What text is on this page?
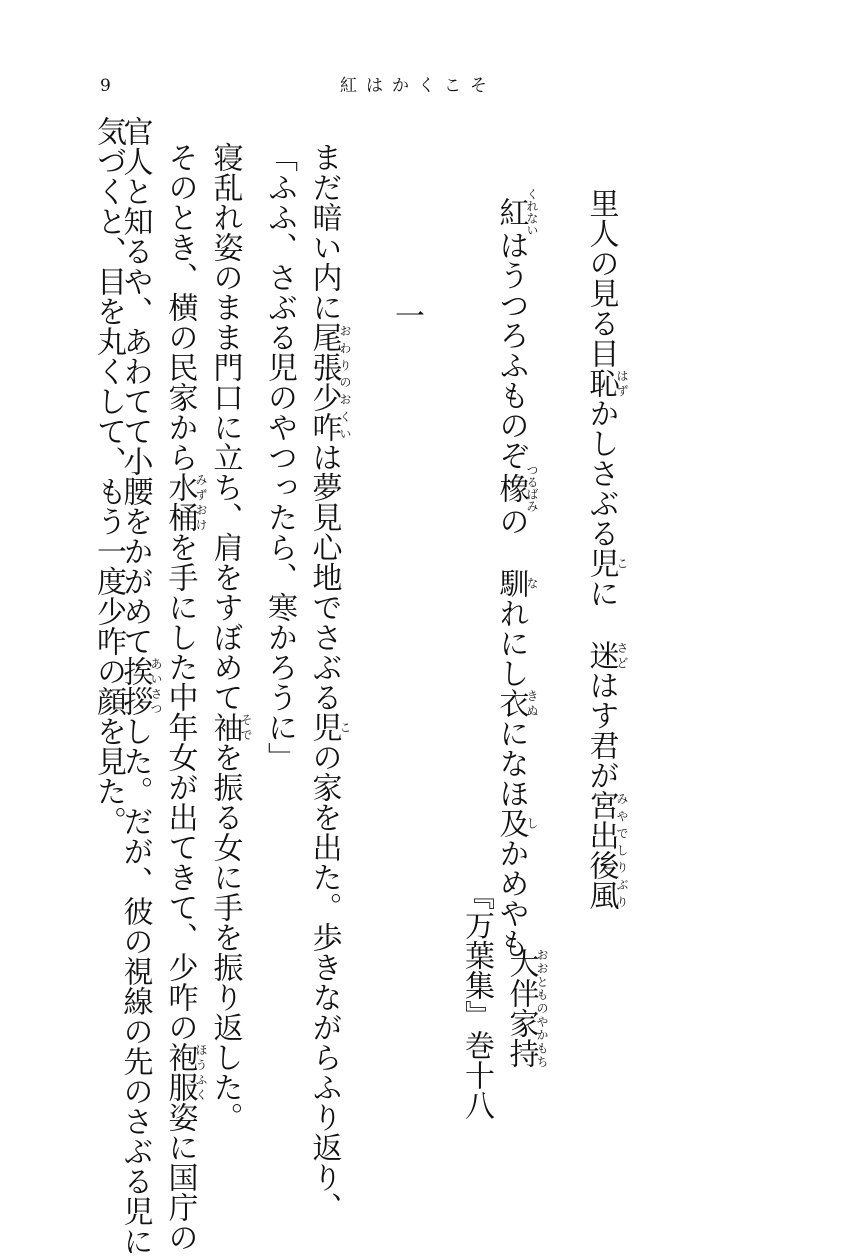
9	紅はかくこそ
里人の見る目恥はずかしさぶる児こに迷さどはす君が宮出後風みやでしりぶり
紅くれないはうつろふものぞ橡つるばみの馴なれにし衣きぬになほ及しかめやも
大伴家持おおとものやかもち
『万葉集』巻十八
一
まだ暗い内に尾張少咋おわりのおくいは夢見心地でさぶる児この家を出た。歩きながらふり返り、
「ふふ、さぶる児のやつったら、寒かろうに」
寝乱れ姿のまま門口に立ち、肩をすぼめて袖そでを振る女に手を振り返した。
そのとき、横の民家から水桶みずおけを手にした中年女が出てきて、少咋の袍服ほうふく姿に国庁の
官人と知るや、あわてて小腰をかがめて挨拶あいさつした。だが、彼の視線の先のさぶる児に
気づくと、目を丸くして、もう一度少咋の顔を見た。
